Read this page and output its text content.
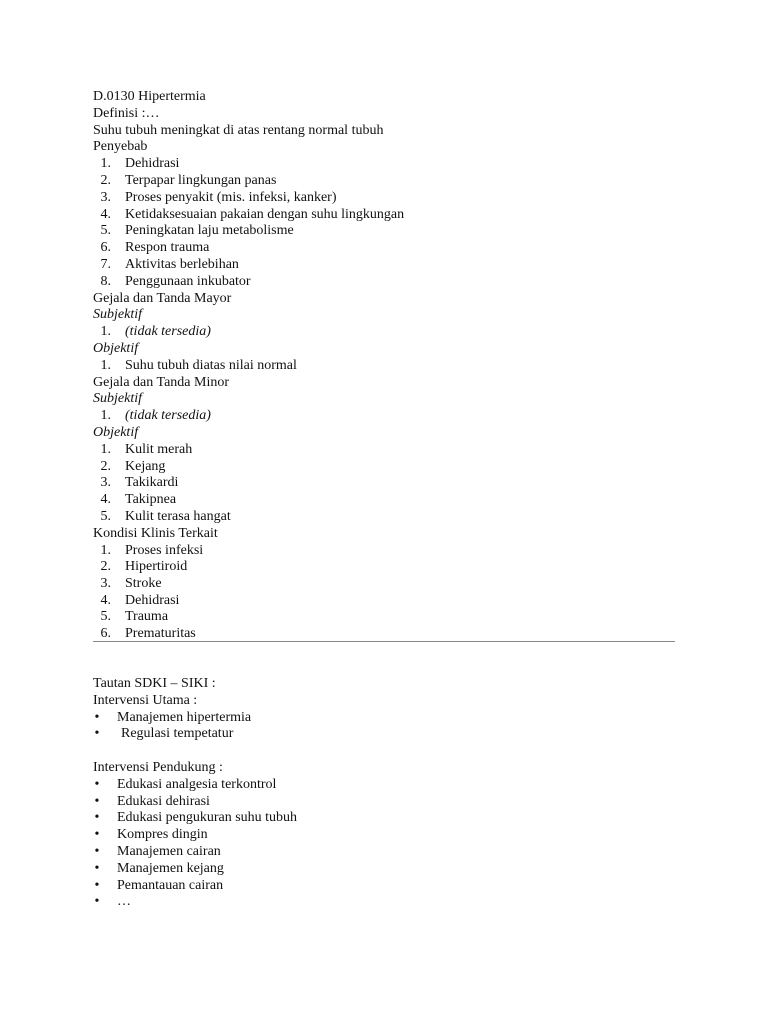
D.0130 Hipertermia
Definisi :…
Suhu tubuh meningkat di atas rentang normal tubuh
Penyebab
1. Dehidrasi
2. Terpapar lingkungan panas
3. Proses penyakit (mis. infeksi, kanker)
4. Ketidaksesuaian pakaian dengan suhu lingkungan
5. Peningkatan laju metabolisme
6. Respon trauma
7. Aktivitas berlebihan
8. Penggunaan inkubator
Gejala dan Tanda Mayor
Subjektif
1. (tidak tersedia)
Objektif
1. Suhu tubuh diatas nilai normal
Gejala dan Tanda Minor
Subjektif
1. (tidak tersedia)
Objektif
1. Kulit merah
2. Kejang
3. Takikardi
4. Takipnea
5. Kulit terasa hangat
Kondisi Klinis Terkait
1. Proses infeksi
2. Hipertiroid
3. Stroke
4. Dehidrasi
5. Trauma
6. Prematuritas
Tautan SDKI – SIKI :
Intervensi Utama :
• Manajemen hipertermia
• Regulasi tempetatur
Intervensi Pendukung :
• Edukasi analgesia terkontrol
• Edukasi dehirasi
• Edukasi pengukuran suhu tubuh
• Kompres dingin
• Manajemen cairan
• Manajemen kejang
• Pemantauan cairan
• …
